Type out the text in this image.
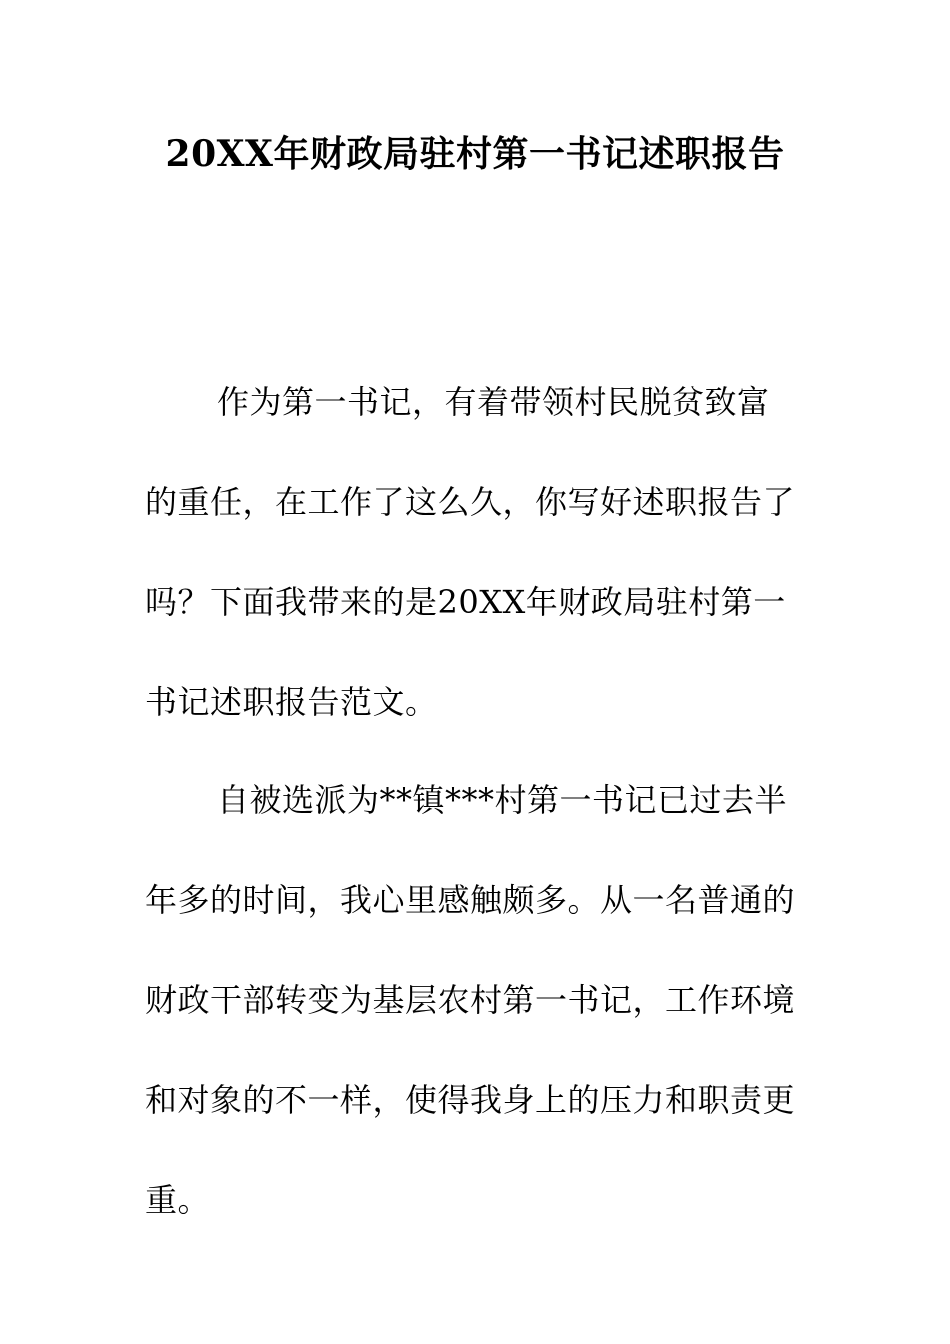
20XX年财政局驻村第一书记述职报告

作为第一书记，有着带领村民脱贫致富的重任，在工作了这么久，你写好述职报告了吗？下面我带来的是20XX年财政局驻村第一书记述职报告范文。

自被选派为**镇***村第一书记已过去半年多的时间，我心里感触颇多。从一名普通的财政干部转变为基层农村第一书记，工作环境和对象的不一样，使得我身上的压力和职责更重。
